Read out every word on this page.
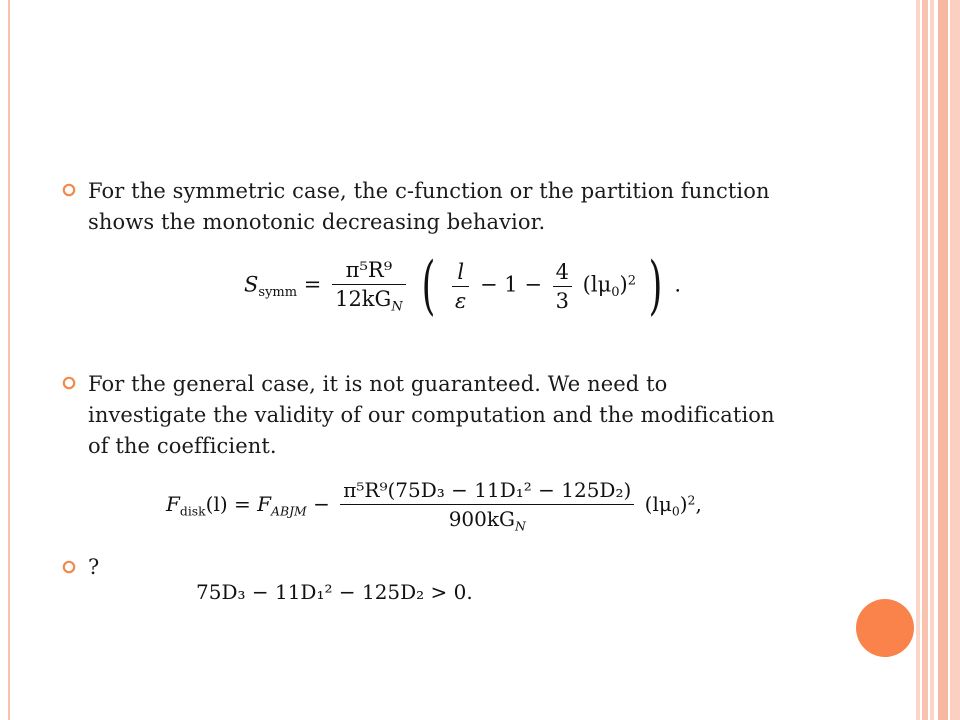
For the symmetric case, the c-function or the partition function shows the monotonic decreasing behavior.
$S_{symm} = \frac{\text{π⁵R⁹}}{12kG_N}$ ( $\frac{l}{\varepsilon} - 1 - \frac{4}{3} (l\mu_0)^2$ ) .
For the general case, it is not guaranteed. We need to investigate the validity of our computation and the modification of the coefficient.
$F_{disk}(l) = F_{ABJM} - \frac{\text{π⁵R⁹(75D₃ − 11D₁² − 125D₂)}}{900kG_N} (l\mu_0)^2$,
?
75D₃ − 11D₁² − 125D₂ > 0.
